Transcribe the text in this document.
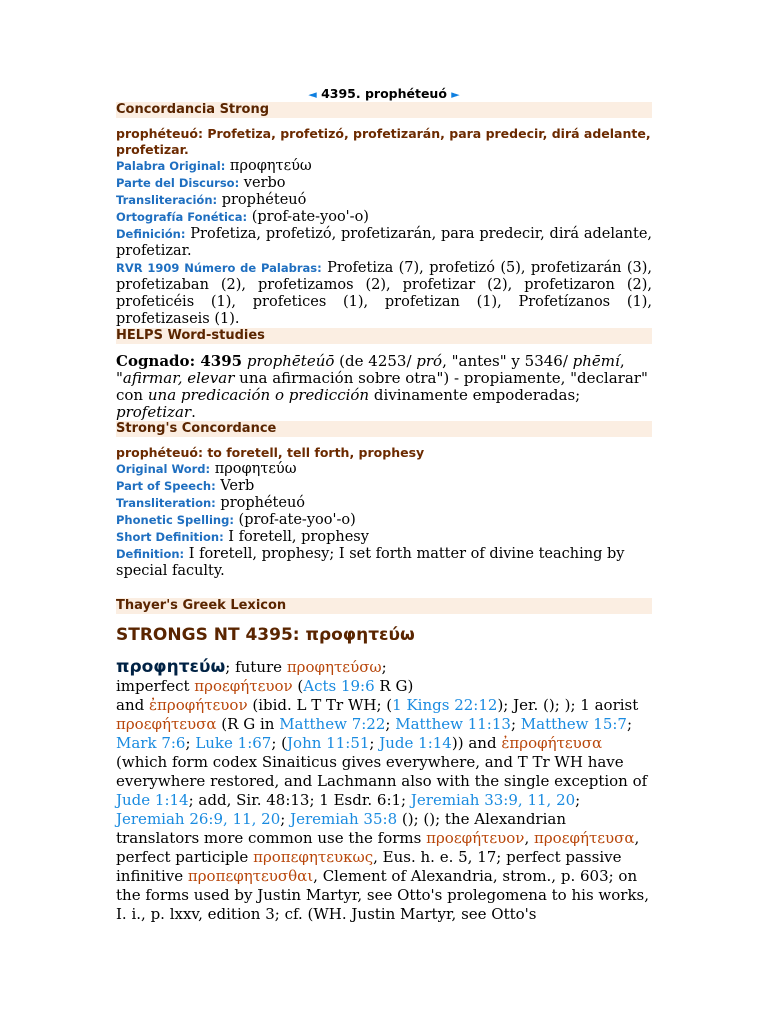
◄ 4395. prophéteuó ►
Concordancia Strong
prophéteuó: Profetiza, profetizó, profetizarán, para predecir, dirá adelante, profetizar.
Palabra Original: προφητεύω
Parte del Discurso: verbo
Transliteración: prophéteuó
Ortografía Fonética: (prof-ate-yoo'-o)
Definición: Profetiza, profetizó, profetizarán, para predecir, dirá adelante, profetizar.
RVR 1909 Número de Palabras: Profetiza (7), profetizó (5), profetizarán (3), profetizaban (2), profetizamos (2), profetizar (2), profetizaron (2), profeticéis (1), profetices (1), profetizan (1), Profetízanos (1), profetizaseis (1).
HELPS Word-studies
Cognado: 4395 prophēteúō (de 4253/ pró, "antes" y 5346/ phēmí, "afirmar, elevar una afirmación sobre otra") - propiamente, "declarar" con una predicación o predicción divinamente empoderadas; profetizar.
Strong's Concordance
prophéteuó: to foretell, tell forth, prophesy
Original Word: προφητεύω
Part of Speech: Verb
Transliteration: prophéteuó
Phonetic Spelling: (prof-ate-yoo'-o)
Short Definition: I foretell, prophesy
Definition: I foretell, prophesy; I set forth matter of divine teaching by special faculty.
Thayer's Greek Lexicon
STRONGS NT 4395: προφητεύω
προφητεύω; future προφητεύσω;
imperfect προεφήτευον (Acts 19:6 R G)
and ἐπροφήτευον (ibid. L T Tr WH; (1 Kings 22:12); Jer. (); ); 1 aorist προεφήτευσα (R G in Matthew 7:22; Matthew 11:13; Matthew 15:7; Mark 7:6; Luke 1:67; (John 11:51; Jude 1:14)) and ἐπροφήτευσα (which form codex Sinaiticus gives everywhere, and T Tr WH have everywhere restored, and Lachmann also with the single exception of Jude 1:14; add, Sir. 48:13; 1 Esdr. 6:1; Jeremiah 33:9, 11, 20; Jeremiah 26:9, 11, 20; Jeremiah 35:8 (); (); the Alexandrian translators more common use the forms προεφήτευον, προεφήτευσα, perfect participle προπεφητευκως, Eus. h. e. 5, 17; perfect passive infinitive προπεφητευσθαι, Clement of Alexandria, strom., p. 603; on the forms used by Justin Martyr, see Otto's prolegomena to his works, I. i., p. lxxv, edition 3; cf. (WH. Justin Martyr, see Otto's
